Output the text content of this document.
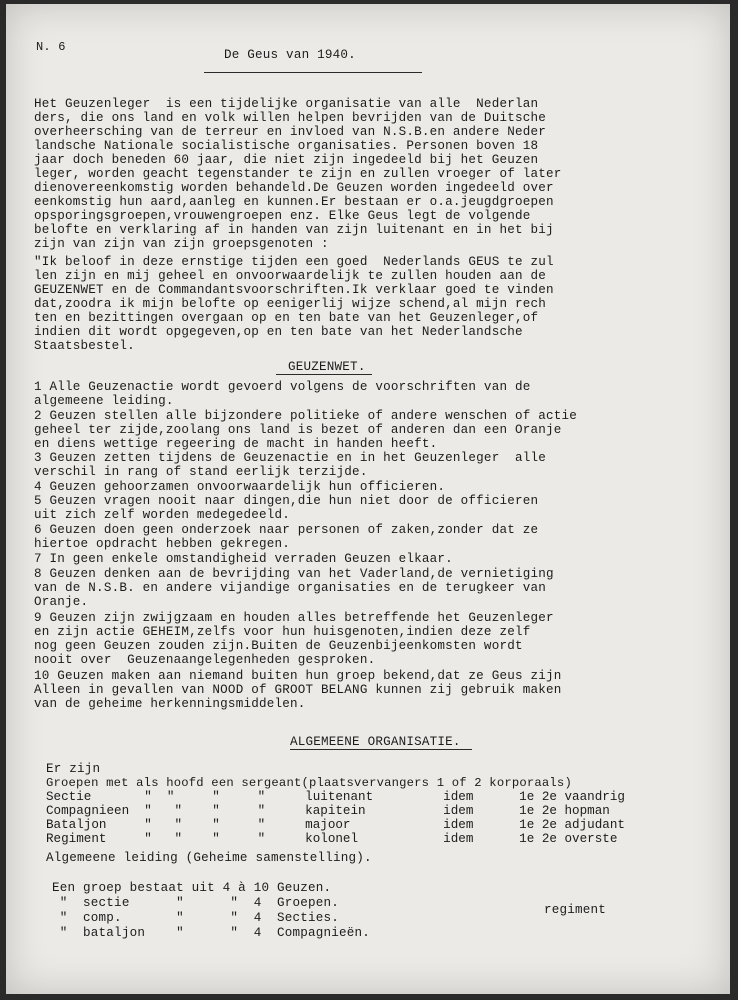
N. 6
De Geus van 1940.
Het Geuzenleger  is een tijdelijke organisatie van alle  Nederlan
ders, die ons land en volk willen helpen bevrijden van de Duitsche
overheersching van de terreur en invloed van N.S.B.en andere Neder
landsche Nationale socialistische organisaties. Personen boven 18
jaar doch beneden 60 jaar, die niet zijn ingedeeld bij het Geuzen
leger, worden geacht tegenstander te zijn en zullen vroeger of later
dienovereenkomstig worden behandeld.De Geuzen worden ingedeeld over
eenkomstig hun aard,aanleg en kunnen.Er bestaan er o.a.jeugdgroepen
opsporingsgroepen,vrouwengroepen enz. Elke Geus legt de volgende
belofte en verklaring af in handen van zijn luitenant en in het bij
zijn van zijn van zijn groepsgenoten :
"Ik beloof in deze ernstige tijden een goed  Nederlands GEUS te zul
len zijn en mij geheel en onvoorwaardelijk te zullen houden aan de
GEUZENWET en de Commandantsvoorschriften.Ik verklaar goed te vinden
dat,zoodra ik mijn belofte op eenigerlij wijze schend,al mijn rech
ten en bezittingen overgaan op en ten bate van het Geuzenleger,of
indien dit wordt opgegeven,op en ten bate van het Nederlandsche
Staatsbestel.
GEUZENWET.
1 Alle Geuzenactie wordt gevoerd volgens de voorschriften van de
algemeene leiding.
2 Geuzen stellen alle bijzondere politieke of andere wenschen of actie
geheel ter zijde,zoolang ons land is bezet of anderen dan een Oranje
en diens wettige regeering de macht in handen heeft.
3 Geuzen zetten tijdens de Geuzenactie en in het Geuzenleger  alle
verschil in rang of stand eerlijk terzijde.
4 Geuzen gehoorzamen onvoorwaardelijk hun officieren.
5 Geuzen vragen nooit naar dingen,die hun niet door de officieren
uit zich zelf worden medegedeeld.
6 Geuzen doen geen onderzoek naar personen of zaken,zonder dat ze
hiertoe opdracht hebben gekregen.
7 In geen enkele omstandigheid verraden Geuzen elkaar.
8 Geuzen denken aan de bevrijding van het Vaderland,de vernietiging
van de N.S.B. en andere vijandige organisaties en de terugkeer van
Oranje.
9 Geuzen zijn zwijgzaam en houden alles betreffende het Geuzenleger
en zijn actie GEHEIM,zelfs voor hun huisgenoten,indien deze zelf
nog geen Geuzen zouden zijn.Buiten de Geuzenbijeenkomsten wordt
nooit over  Geuzenaangelegenheden gesproken.
10 Geuzen maken aan niemand buiten hun groep bekend,dat ze Geus zijn
Alleen in gevallen van NOOD of GROOT BELANG kunnen zij gebruik maken
van de geheime herkenningsmiddelen.
ALGEMEENE ORGANISATIE.
Er zijn
Groepen met als hoofd een sergeant(plaatsvervangers 1 of 2 korporaals)
Sectie	"  "     "     "	luitenant	idem	1e 2e vaandrig
Compagnieen	"   "    "     "	kapitein	idem	1e 2e hopman
Bataljon	"   "    "     "	majoor	idem	1e 2e adjudant
Regiment	"   "    "     "	kolonel	idem	1e 2e overste
Algemeene leiding (Geheime samenstelling).
Een groep bestaat uit 4 à 10 Geuzen.
"  sectie      "      "  4  Groepen.
"  comp.       "      "  4  Secties.
"  bataljon    "      "  4  Compagnieën.
regiment
